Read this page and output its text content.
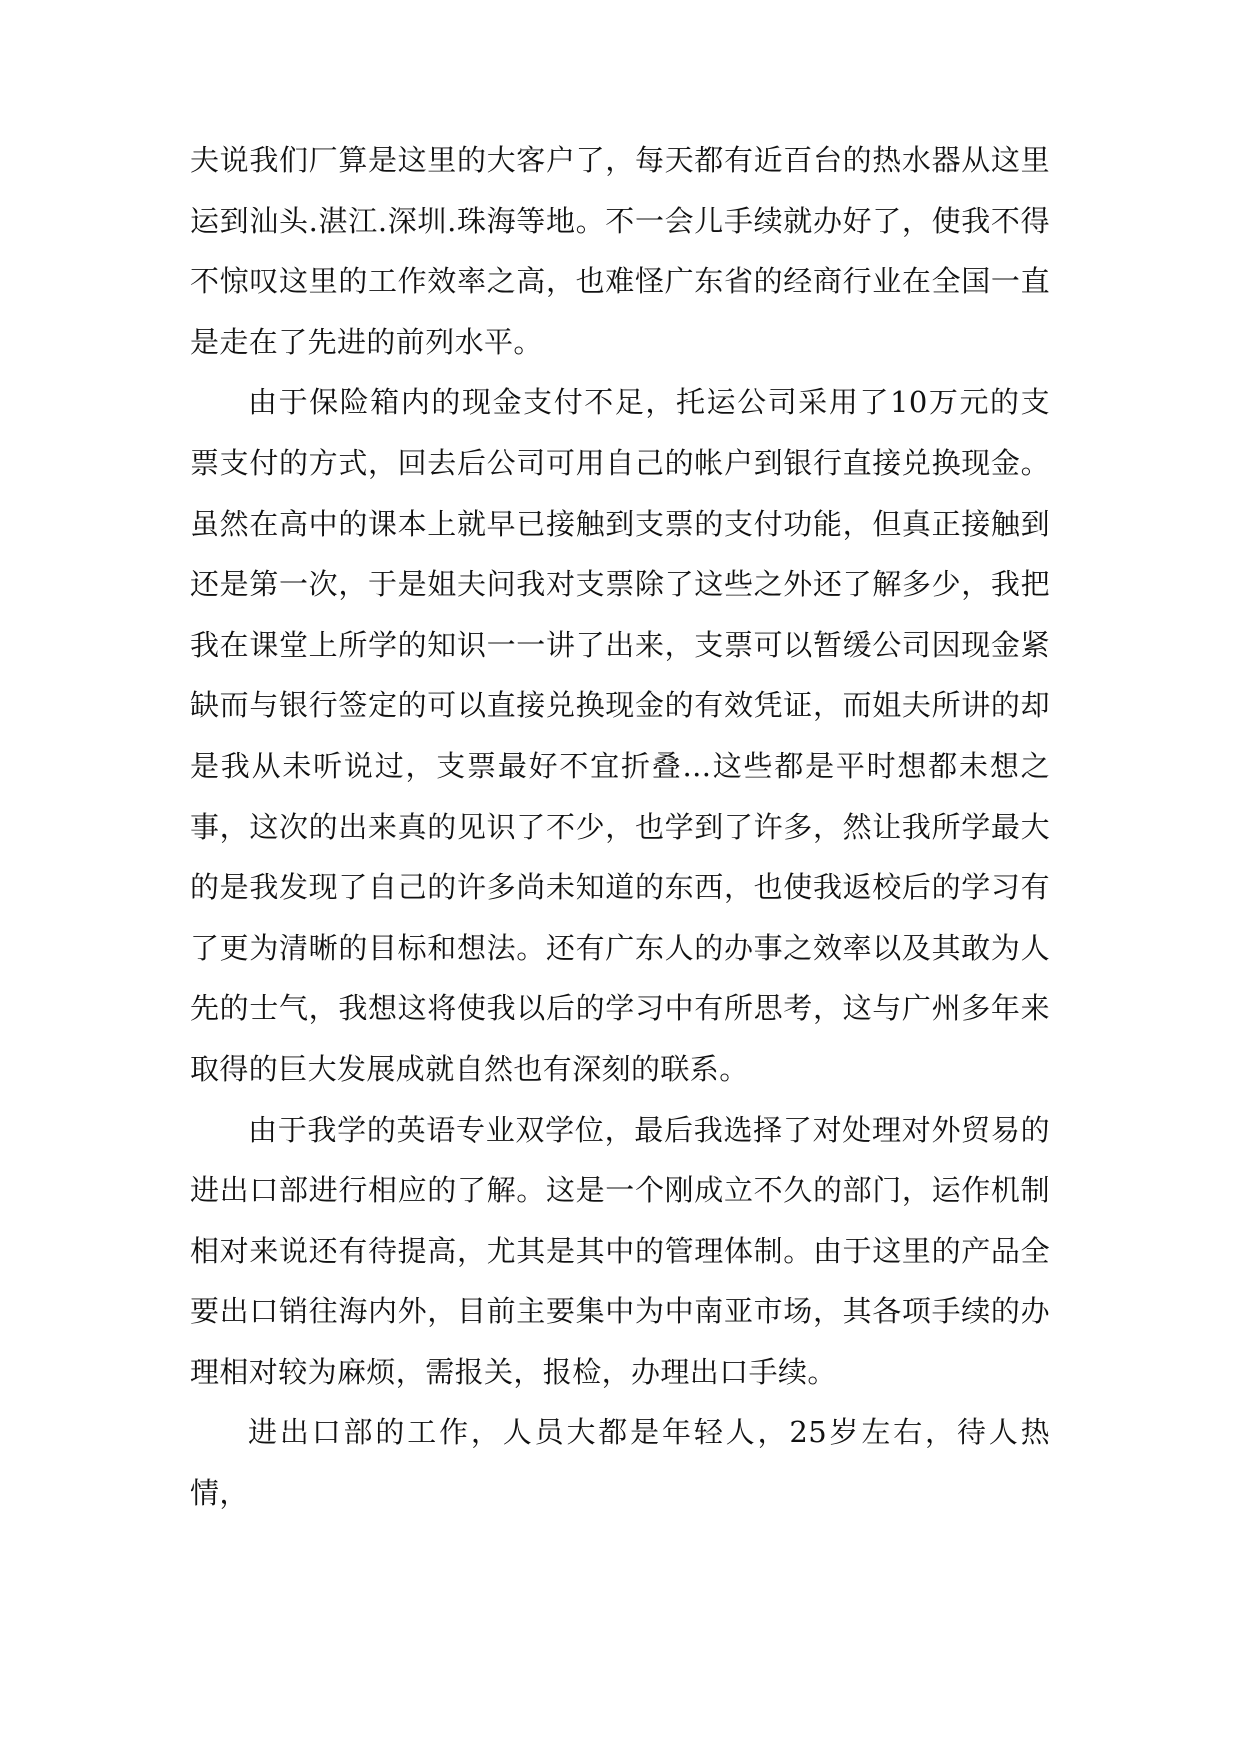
夫说我们厂算是这里的大客户了，每天都有近百台的热水器从这里运到汕头.湛江.深圳.珠海等地。不一会儿手续就办好了，使我不得不惊叹这里的工作效率之高，也难怪广东省的经商行业在全国一直是走在了先进的前列水平。

由于保险箱内的现金支付不足，托运公司采用了10万元的支票支付的方式，回去后公司可用自己的帐户到银行直接兑换现金。虽然在高中的课本上就早已接触到支票的支付功能，但真正接触到还是第一次，于是姐夫问我对支票除了这些之外还了解多少，我把我在课堂上所学的知识一一讲了出来，支票可以暂缓公司因现金紧缺而与银行签定的可以直接兑换现金的有效凭证，而姐夫所讲的却是我从未听说过，支票最好不宜折叠...这些都是平时想都未想之事，这次的出来真的见识了不少，也学到了许多，然让我所学最大的是我发现了自己的许多尚未知道的东西，也使我返校后的学习有了更为清晰的目标和想法。还有广东人的办事之效率以及其敢为人先的士气，我想这将使我以后的学习中有所思考，这与广州多年来取得的巨大发展成就自然也有深刻的联系。

由于我学的英语专业双学位，最后我选择了对处理对外贸易的进出口部进行相应的了解。这是一个刚成立不久的部门，运作机制相对来说还有待提高，尤其是其中的管理体制。由于这里的产品全要出口销往海内外，目前主要集中为中南亚市场，其各项手续的办理相对较为麻烦，需报关，报检，办理出口手续。

进出口部的工作，人员大都是年轻人，25岁左右，待人热情，
